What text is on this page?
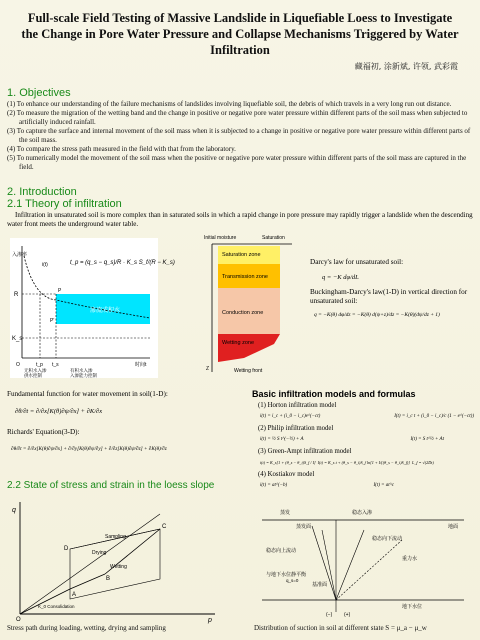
Full-scale Field Testing of Massive Landslide in Liquefiable Loess to Investigate the Change in Pore Water Pressure and Collapse Mechanisms Triggered by Water Infiltration
藏福初, 涂新斌, 许领, 武彩霞
1. Objectives
(1) To enhance our understanding of the failure mechanisms of landslides involving liquefiable soil, the debris of which travels in a very long run out distance.
(2) To measure the migration of the wetting band and the change in positive or negative pore water pressure within different parts of the soil mass when subjected to artificially induced rainfall.
(3) To capture the surface and internal movement of the soil mass when it is subjected to a change in positive or negative pore water pressure within different parts of the soil mass.
(4) To compare the stress path measured in the field with that from the laboratory.
(5) To numerically model the movement of the soil mass when the positive or negative pore water pressure within different parts of the soil mass are captured in the field.
2. Introduction
2.1 Theory of infiltration
Infiltration in unsaturated soil is more complex than in saturated soils in which a rapid change in pore pressure may rapidly trigger a landslide when the descending water front meets the underground water table.
入渗率
时间t
渗流成积水
R
K_s
P
P'
O	t_p t_s
i(t)	t_p = (q_s − q_s)/R · K_s S_f/(R − K_s)
无积水入渗	有积水入渗
供水控制	入渗能力控制
Initial moisture	Saturation
Saturation zone
Transmission zone
Conduction zone
Wetting zone
Wetting front
Z
Darcy's law for unsaturated soil:
q = −K dφ/dL
Buckingham-Darcy's law(1-D) in vertical direction for unsaturated soil:
q = −K(θ) dφ/dz = −K(θ) d(ψ+z)/dz = −K(θ)(dψ/dz + 1)
Fundamental function for water movement in soil(1-D):
∂θ/∂t = ∂/∂x[K(θ)∂ψ/∂x] + ∂K/∂x
Richards' Equation(3-D):
∂θ/∂t = ∂/∂x[K(θ)∂ψ/∂x] + ∂/∂y[K(θ)∂ψ/∂y] + ∂/∂z[K(θ)∂ψ/∂z] + ∂K(θ)/∂z
2.2 State of stress and strain in the loess slope
Basic infiltration models and formulas
(1) Horton infiltration model
i(t) = i_c + (i_0 − i_c)e^(−ct)	I(t) = i_c t + (i_0 − i_c)/c (1 − e^(−ct))
(2) Philip infiltration model
i(t) = ½ S t^(−½) + A	I(t) = S t^½ + At
(3) Green-Ampt infiltration model
i(t) = K_s[1 + (θ_s − θ_i)S_f / I] I(t) = K_s t + (θ_s − θ_i)S_f ln[1 + I/((θ_s − θ_i)S_f)] L_f = √(2Dt)
(4) Kostiakov model
i(t) = at^(−b)	I(t) = at^c
q
p
A
B
C
D
O
Sampling
Drying
Wetting
K_0 Consolidation
Stress path during loading, wetting, drying and sampling
蒸发	稳态入渗
蒸发面
稳态向上流动
稳态向下流动
地面
重力水
与地下水位静平衡
基准面
地下水位
(−) (+)
q_s=0
Distribution of suction in soil at different state S = μ_a − μ_w
